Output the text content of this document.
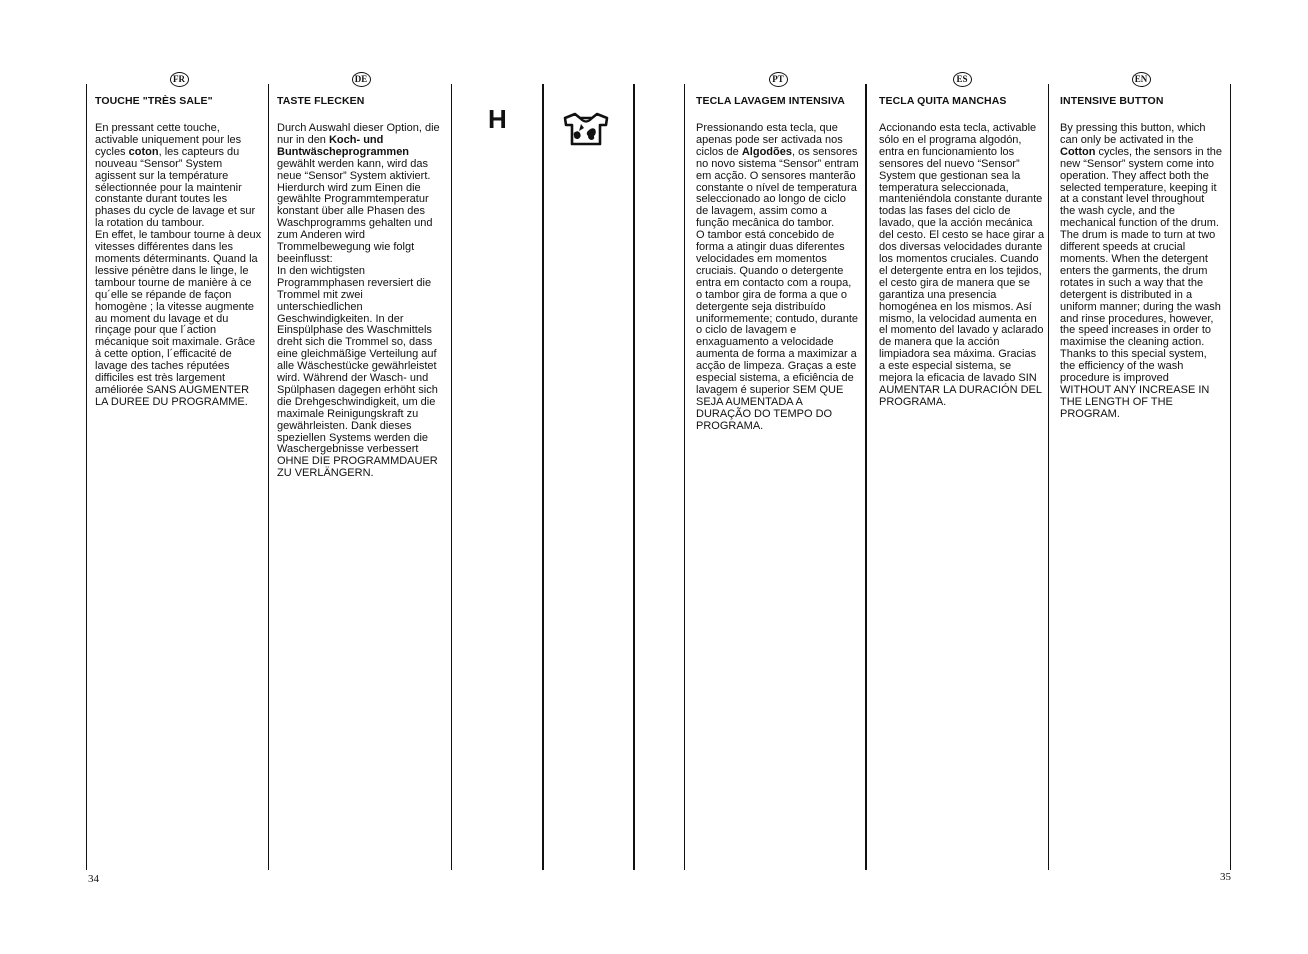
H
FR
TOUCHE "TRÈS SALE"

En pressant cette touche, activable uniquement pour les cycles coton, les capteurs du nouveau “Sensor” System agissent sur la température sélectionnée pour la maintenir constante durant toutes les phases du cycle de lavage et sur la rotation du tambour.

En effet, le tambour tourne à deux vitesses différentes dans les moments déterminants. Quand la lessive pénètre dans le linge, le tambour tourne de manière à ce qu´elle se répande de façon homogène ; la vitesse augmente au moment du lavage et du rinçage pour que l´action mécanique soit maximale. Grâce à cette option, l´efficacité de lavage des taches réputées difficiles est très largement améliorée SANS AUGMENTER LA DUREE DU PROGRAMME.

DE
TASTE FLECKEN

Durch Auswahl dieser Option, die nur in den Koch- und Buntwäscheprogrammen gewählt werden kann, wird das neue “Sensor” System aktiviert. Hierdurch wird zum Einen die gewählte Programmtemperatur konstant über alle Phasen des Waschprogramms gehalten und zum Anderen wird Trommelbewegung wie folgt beeinflusst:

In den wichtigsten Programmphasen reversiert die Trommel mit zwei unterschiedlichen Geschwindigkeiten. In der Einspülphase des Waschmittels dreht sich die Trommel so, dass eine gleichmäßige Verteilung auf alle Wäschestücke gewährleistet wird. Während der Wasch- und Spülphasen dagegen erhöht sich die Drehgeschwindigkeit, um die maximale Reinigungskraft zu gewährleisten. Dank dieses speziellen Systems werden die Waschergebnisse verbessert OHNE DIE PROGRAMMDAUER ZU VERLÄNGERN.

PT
TECLA LAVAGEM INTENSIVA

Pressionando esta tecla, que apenas pode ser activada nos ciclos de Algodões, os sensores no novo sistema “Sensor” entram em acção. O sensores manterão constante o nível de temperatura seleccionado ao longo de ciclo de lavagem, assim como a função mecânica do tambor.

O tambor está concebido de forma a atingir duas diferentes velocidades em momentos cruciais. Quando o detergente entra em contacto com a roupa, o tambor gira de forma a que o detergente seja distribuído uniformemente; contudo, durante o ciclo de lavagem e enxaguamento a velocidade aumenta de forma a maximizar a acção de limpeza. Graças a este especial sistema, a eficiência de lavagem é superior SEM QUE SEJA AUMENTADA A DURAÇÃO DO TEMPO DO PROGRAMA.

ES
TECLA QUITA MANCHAS

Accionando esta tecla, activable sólo en el programa algodón, entra en funcionamiento los sensores del nuevo “Sensor” System que gestionan sea la temperatura seleccionada, manteniéndola constante durante todas las fases del ciclo de lavado, que la acción mecánica del cesto. El cesto se hace girar a dos diversas velocidades durante los momentos cruciales. Cuando el detergente entra en los tejidos, el cesto gira de manera que se garantiza una presencia homogénea en los mismos. Así mismo, la velocidad aumenta en el momento del lavado y aclarado de manera que la acción limpiadora sea máxima. Gracias a este especial sistema, se mejora la eficacia de lavado SIN AUMENTAR LA DURACIÓN DEL PROGRAMA.

EN
INTENSIVE BUTTON

By pressing this button, which can only be activated in the Cotton cycles, the sensors in the new “Sensor” system come into operation. They affect both the selected temperature, keeping it at a constant level throughout the wash cycle, and the mechanical function of the drum.

The drum is made to turn at two different speeds at crucial moments. When the detergent enters the garments, the drum rotates in such a way that the detergent is distributed in a uniform manner; during the wash and rinse procedures, however, the speed increases in order to maximise the cleaning action. Thanks to this special system, the efficiency of the wash procedure is improved WITHOUT ANY INCREASE IN THE LENGTH OF THE PROGRAM.

34	35
